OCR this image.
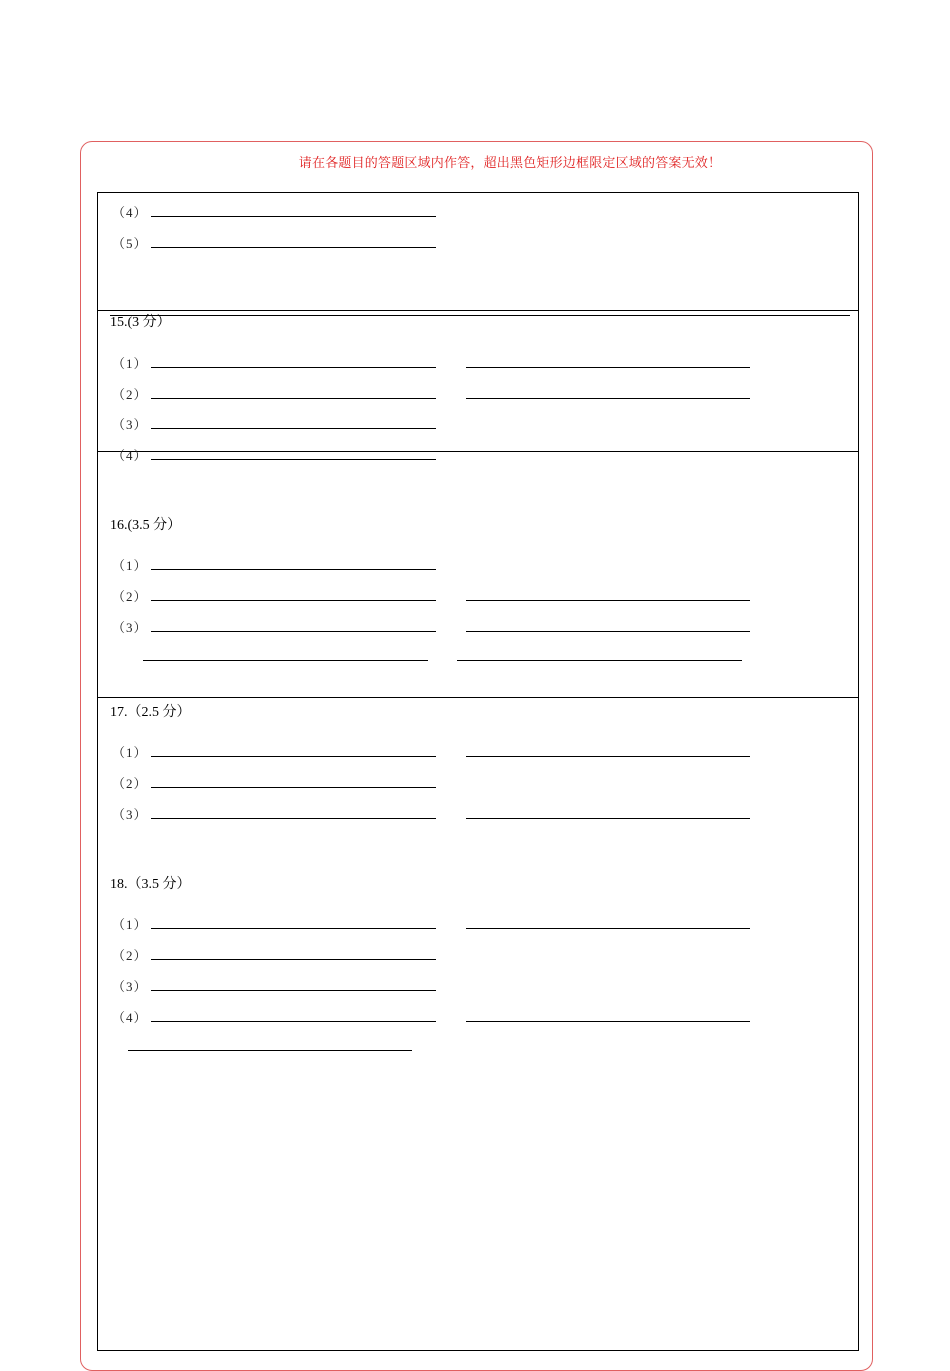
请在各题目的答题区域内作答，超出黑色矩形边框限定区域的答案无效！
（4）
（5）
15.(3 分）
（1）
（2）
（3）
（4）
16.(3.5 分）
（1）
（2）
（3）
17.（2.5 分）
（1）
（2）
（3）
18.（3.5 分）
（1）
（2）
（3）
（4）
